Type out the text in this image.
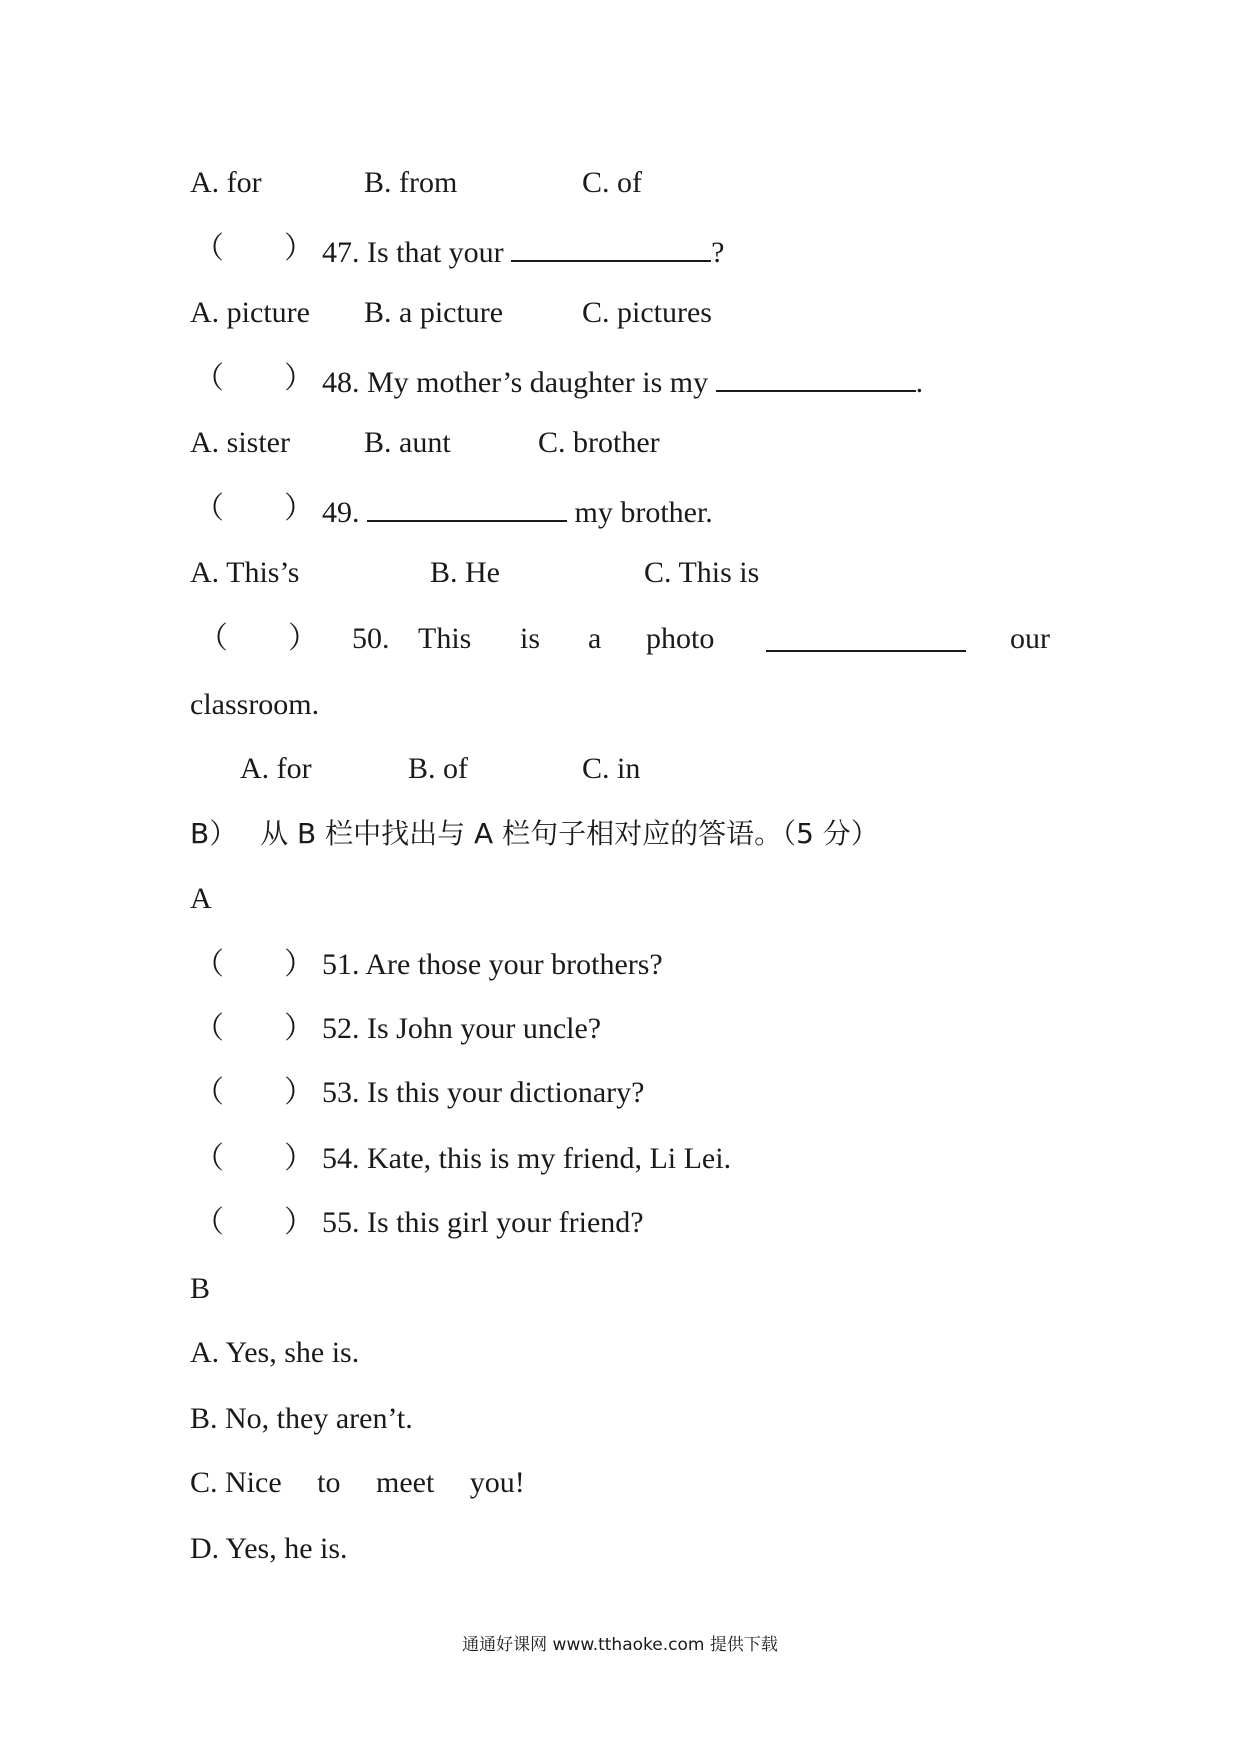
A. for	B. from	C. of
（　　） 47. Is that your	?
A. picture B. a picture	C. pictures
（　　） 48. My mother’s daughter is my	.
A. sister B. aunt	C. brother
（　　） 49.	my brother.
A. This’s	B. He	C. This is
（　　） 50. This is a photo	our
classroom.
A. for	B. of	C. in
B） 从 B 栏中找出与 A 栏句子相对应的答语。（5 分）
A
（　　） 51. Are those your brothers?
（　　） 52. Is John your uncle?
（　　） 53. Is this your dictionary?
（　　） 54. Kate, this is my friend, Li Lei.
（　　） 55. Is this girl your friend?
B
A. Yes, she is.
B. No, they aren’t.
C. Nice to meet you!
D. Yes, he is.
通通好课网 www.tthaoke.com 提供下载
